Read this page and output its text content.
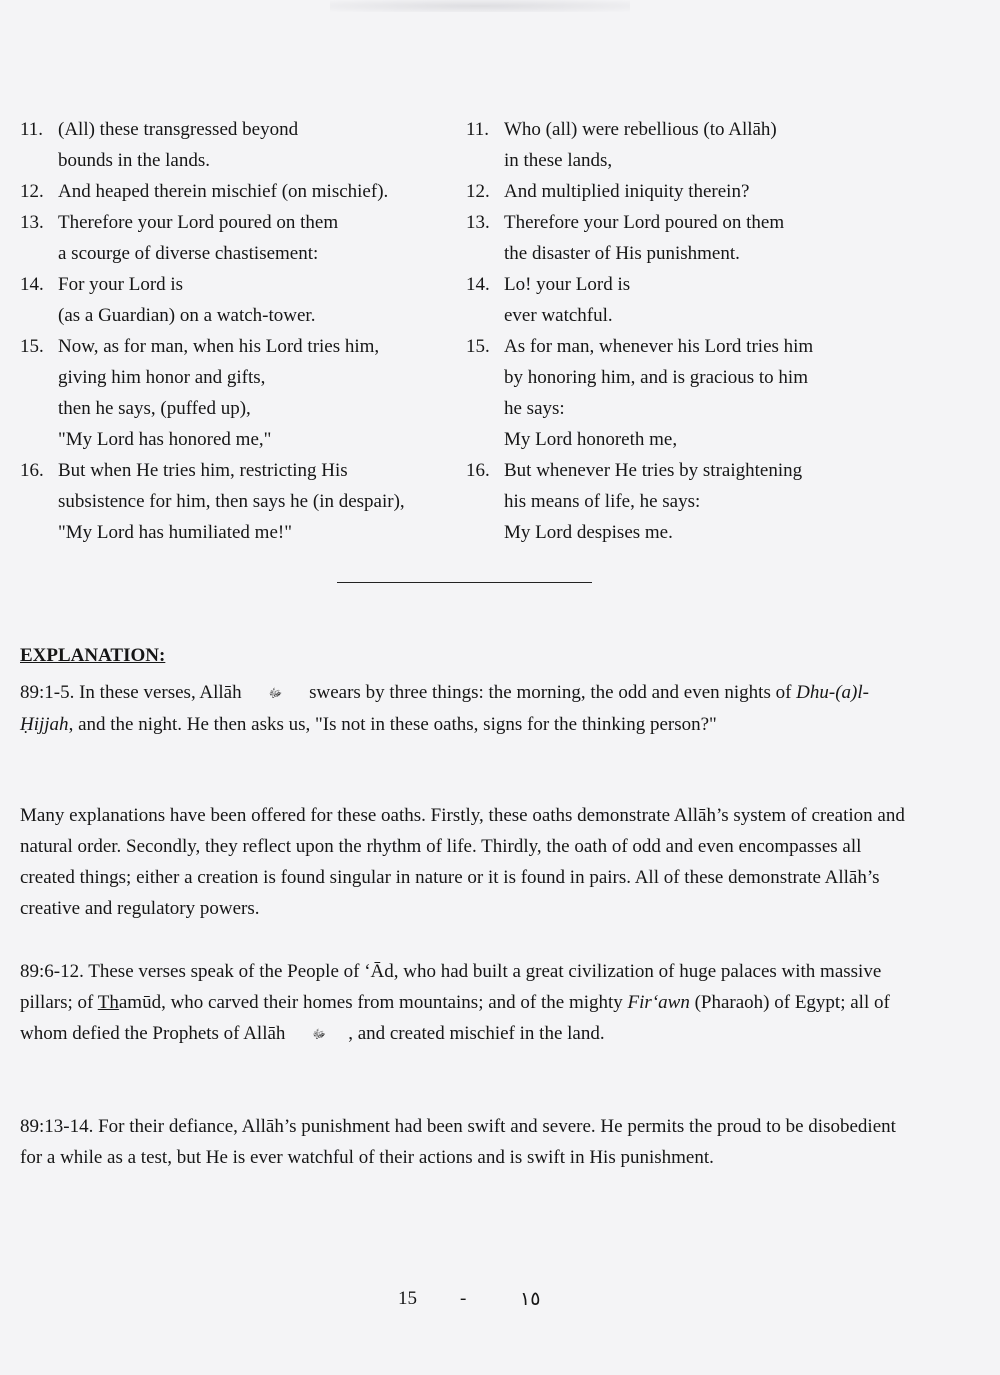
11. (All) these transgressed beyond
bounds in the lands.
12. And heaped therein mischief (on mischief).
13. Therefore your Lord poured on them
a scourge of diverse chastisement:
14. For your Lord is
(as a Guardian) on a watch-tower.
15. Now, as for man, when his Lord tries him,
giving him honor and gifts,
then he says, (puffed up),
"My Lord has honored me,"
16. But when He tries him, restricting His
subsistence for him, then says he (in despair),
"My Lord has humiliated me!"
11. Who (all) were rebellious (to Allāh)
in these lands,
12. And multiplied iniquity therein?
13. Therefore your Lord poured on them
the disaster of His punishment.
14. Lo! your Lord is
ever watchful.
15. As for man, whenever his Lord tries him
by honoring him, and is gracious to him
he says:
My Lord honoreth me,
16. But whenever He tries by straightening
his means of life, he says:
My Lord despises me.
EXPLANATION:
89:1-5. In these verses, Allāh ﷻ swears by three things: the morning, the odd and even nights of Dhu-(a)l-Ḥijjah, and the night. He then asks us, "Is not in these oaths, signs for the thinking person?"
Many explanations have been offered for these oaths. Firstly, these oaths demonstrate Allāh’s system of creation and natural order. Secondly, they reflect upon the rhythm of life. Thirdly, the oath of odd and even encompasses all created things; either a creation is found singular in nature or it is found in pairs. All of these demonstrate Allāh’s creative and regulatory powers.
89:6-12. These verses speak of the People of ‘Ād, who had built a great civilization of huge palaces with massive pillars; of Thamūd, who carved their homes from mountains; and of the mighty Fir‘awn (Pharaoh) of Egypt; all of whom defied the Prophets of Allāh ﷻ , and created mischief in the land.
89:13-14. For their defiance, Allāh’s punishment had been swift and severe. He permits the proud to be disobedient for a while as a test, but He is ever watchful of their actions and is swift in His punishment.
15 -	١٥
